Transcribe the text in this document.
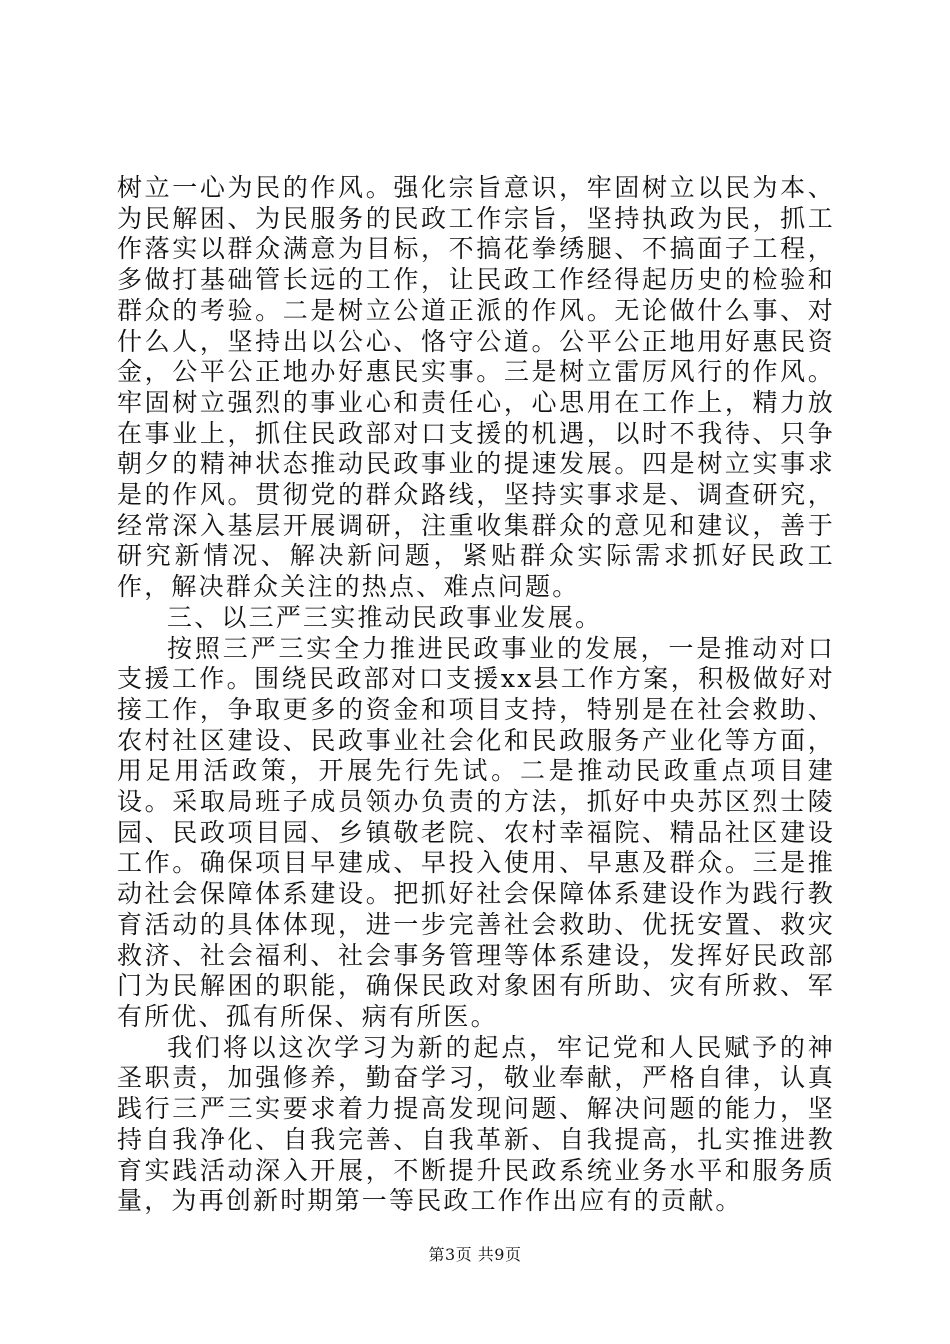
树立一心为民的作风。强化宗旨意识，牢固树立以民为本、为民解困、为民服务的民政工作宗旨，坚持执政为民，抓工作落实以群众满意为目标，不搞花拳绣腿、不搞面子工程，多做打基础管长远的工作，让民政工作经得起历史的检验和群众的考验。二是树立公道正派的作风。无论做什么事、对什么人，坚持出以公心、恪守公道。公平公正地用好惠民资金，公平公正地办好惠民实事。三是树立雷厉风行的作风。牢固树立强烈的事业心和责任心，心思用在工作上，精力放在事业上，抓住民政部对口支援的机遇，以时不我待、只争朝夕的精神状态推动民政事业的提速发展。四是树立实事求是的作风。贯彻党的群众路线，坚持实事求是、调查研究，经常深入基层开展调研，注重收集群众的意见和建议，善于研究新情况、解决新问题，紧贴群众实际需求抓好民政工作，解决群众关注的热点、难点问题。

三、以三严三实推动民政事业发展。

按照三严三实全力推进民政事业的发展，一是推动对口支援工作。围绕民政部对口支援xx县工作方案，积极做好对接工作，争取更多的资金和项目支持，特别是在社会救助、农村社区建设、民政事业社会化和民政服务产业化等方面，用足用活政策，开展先行先试。二是推动民政重点项目建设。采取局班子成员领办负责的方法，抓好中央苏区烈士陵园、民政项目园、乡镇敬老院、农村幸福院、精品社区建设工作。确保项目早建成、早投入使用、早惠及群众。三是推动社会保障体系建设。把抓好社会保障体系建设作为践行教育活动的具体体现，进一步完善社会救助、优抚安置、救灾救济、社会福利、社会事务管理等体系建设，发挥好民政部门为民解困的职能，确保民政对象困有所助、灾有所救、军有所优、孤有所保、病有所医。

我们将以这次学习为新的起点，牢记党和人民赋予的神圣职责，加强修养，勤奋学习，敬业奉献，严格自律，认真践行三严三实要求着力提高发现问题、解决问题的能力，坚持自我净化、自我完善、自我革新、自我提高，扎实推进教育实践活动深入开展，不断提升民政系统业务水平和服务质量，为再创新时期第一等民政工作作出应有的贡献。

第3页 共9页
